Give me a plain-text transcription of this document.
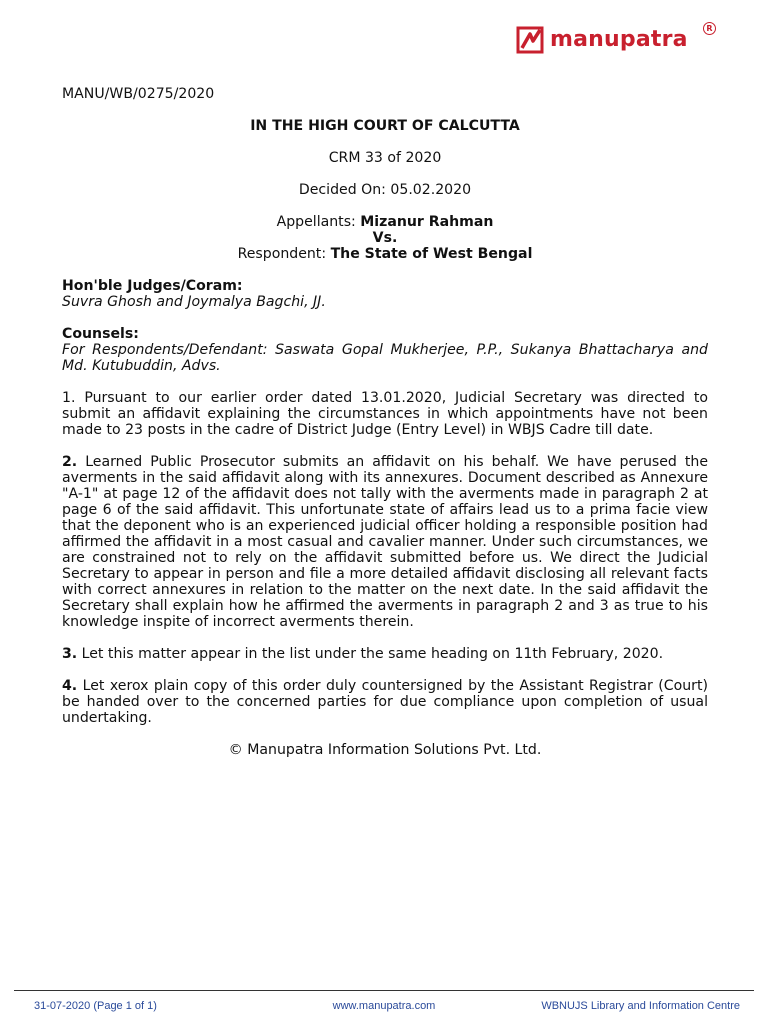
manupatra	R
MANU/WB/0275/2020
IN THE HIGH COURT OF CALCUTTA
CRM 33 of 2020
Decided On: 05.02.2020
Appellants: Mizanur Rahman
Vs.
Respondent: The State of West Bengal
Hon'ble Judges/Coram:
Suvra Ghosh and Joymalya Bagchi, JJ.
Counsels:
For Respondents/Defendant: Saswata Gopal Mukherjee, P.P., Sukanya Bhattacharya and Md. Kutubuddin, Advs.
1. Pursuant to our earlier order dated 13.01.2020, Judicial Secretary was directed to submit an affidavit explaining the circumstances in which appointments have not been made to 23 posts in the cadre of District Judge (Entry Level) in WBJS Cadre till date.
2. Learned Public Prosecutor submits an affidavit on his behalf. We have perused the averments in the said affidavit along with its annexures. Document described as Annexure "A-1" at page 12 of the affidavit does not tally with the averments made in paragraph 2 at page 6 of the said affidavit. This unfortunate state of affairs lead us to a prima facie view that the deponent who is an experienced judicial officer holding a responsible position had affirmed the affidavit in a most casual and cavalier manner. Under such circumstances, we are constrained not to rely on the affidavit submitted before us. We direct the Judicial Secretary to appear in person and file a more detailed affidavit disclosing all relevant facts with correct annexures in relation to the matter on the next date. In the said affidavit the Secretary shall explain how he affirmed the averments in paragraph 2 and 3 as true to his knowledge inspite of incorrect averments therein.
3. Let this matter appear in the list under the same heading on 11th February, 2020.
4. Let xerox plain copy of this order duly countersigned by the Assistant Registrar (Court) be handed over to the concerned parties for due compliance upon completion of usual undertaking.
© Manupatra Information Solutions Pvt. Ltd.
31-07-2020 (Page 1 of 1)	www.manupatra.com	WBNUJS Library and Information Centre
